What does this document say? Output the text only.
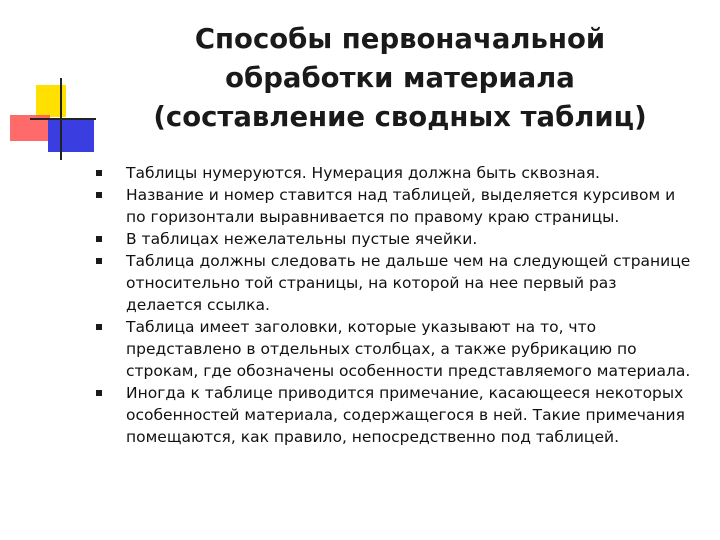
Способы первоначальной
обработки материала
(составление сводных таблиц)
Таблицы нумеруются. Нумерация должна быть сквозная.
Название и номер ставится над таблицей, выделяется курсивом и
по горизонтали выравнивается по правому краю страницы.
В таблицах нежелательны пустые ячейки.
Таблица должны следовать не дальше чем на следующей странице
относительно той страницы, на которой на нее первый раз
делается ссылка.
Таблица имеет заголовки, которые указывают на то, что
представлено в отдельных столбцах, а также рубрикацию по
строкам, где обозначены особенности представляемого материала.
Иногда к таблице приводится примечание, касающееся некоторых
особенностей материала, содержащегося в ней. Такие примечания
помещаются, как правило, непосредственно под таблицей.
